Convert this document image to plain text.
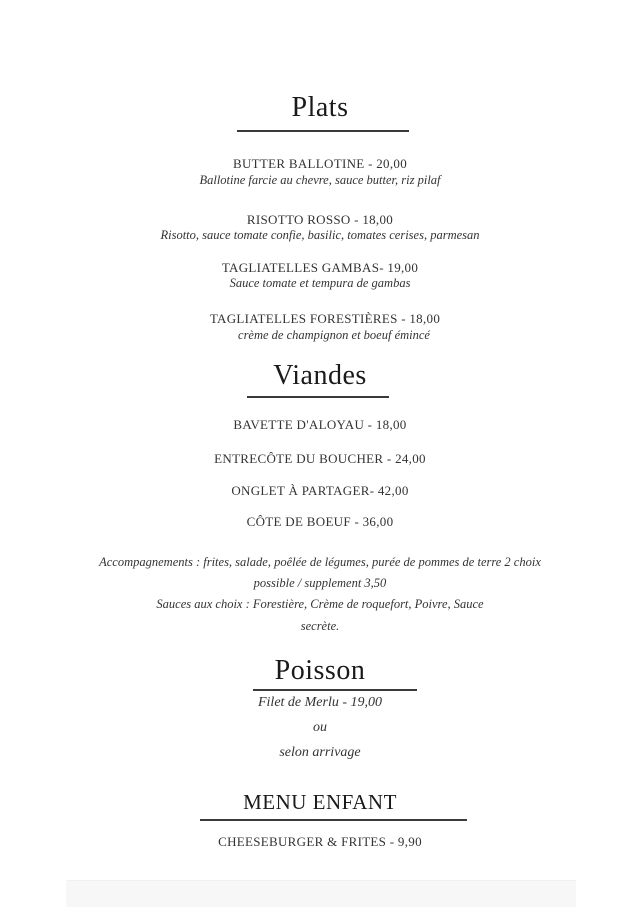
Plats
BUTTER BALLOTINE - 20,00
Ballotine farcie au chevre, sauce butter, riz pilaf
RISOTTO ROSSO - 18,00
Risotto, sauce tomate confie, basilic, tomates cerises, parmesan
TAGLIATELLES GAMBAS- 19,00
Sauce tomate et tempura de gambas
TAGLIATELLES FORESTIÈRES - 18,00
crème de champignon et boeuf émincé
Viandes
BAVETTE D'ALOYAU - 18,00
ENTRECÔTE DU BOUCHER - 24,00
ONGLET À PARTAGER- 42,00
CÔTE DE BOEUF - 36,00
Accompagnements : frites, salade, poêlée de légumes, purée de pommes de terre 2 choix
possible / supplement 3,50
Sauces aux choix : Forestière, Crème de roquefort, Poivre, Sauce
secrète.
Poisson
Filet de Merlu - 19,00
ou
selon arrivage
MENU ENFANT
CHEESEBURGER & FRITES - 9,90
